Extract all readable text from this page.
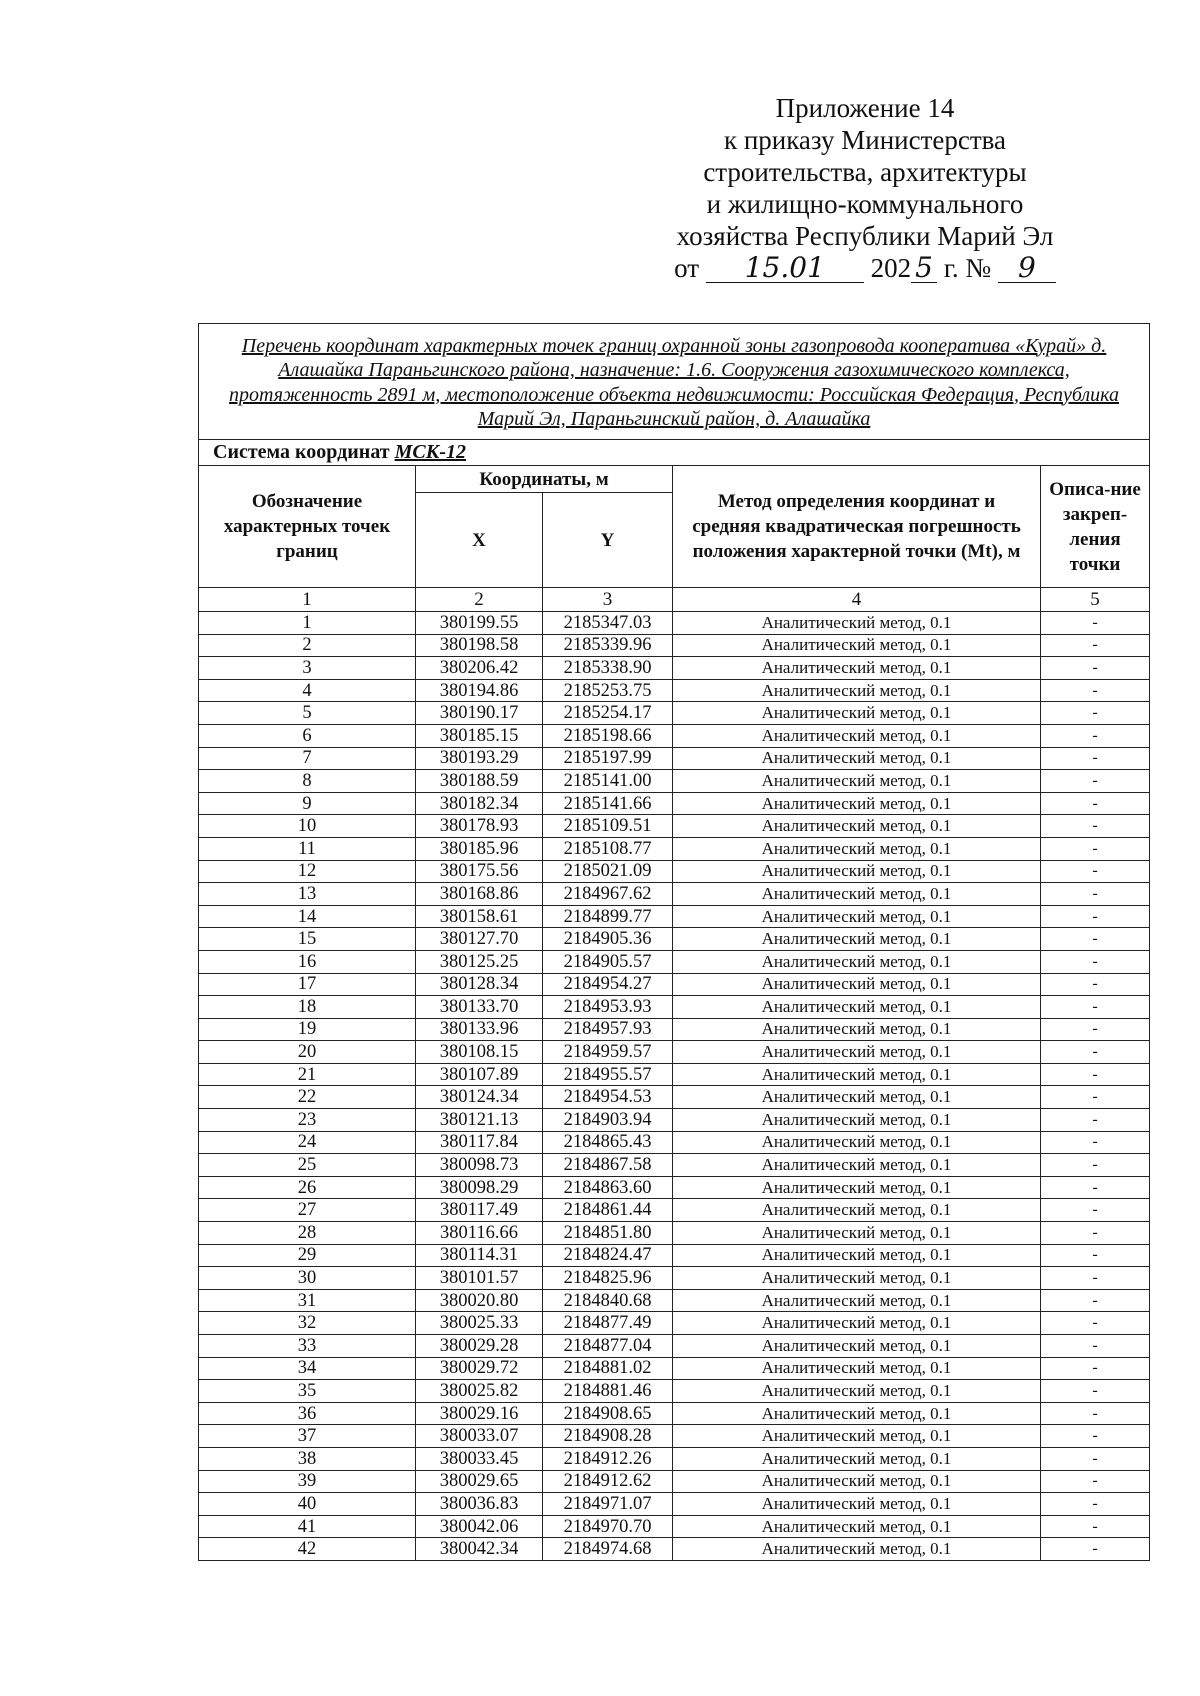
Приложение 14
к приказу Министерства
строительства, архитектуры
и жилищно-коммунального
хозяйства Республики Марий Эл
от 15.01 202 5 г. № 9
Перечень координат характерных точек границ охранной зоны газопровода кооператива «Курай» д. Алашайка Параньгинского района, назначение: 1.6. Сооружения газохимического комплекса, протяженность 2891 м, местоположение объекта недвижимости: Российская Федерация, Республика Марий Эл, Параньгинский район, д. Алашайка				
Система координат МСК-12				
Обозначение характерных точек границ	Координаты, м		Метод определения координат и средняя квадратическая погрешность положения характерной точки (Mt), м	Описа-ние закреп-ления точки
	X	Y		
1	2	3	4	5
1	380199.55	2185347.03	Аналитический метод, 0.1	-
2	380198.58	2185339.96	Аналитический метод, 0.1	-
3	380206.42	2185338.90	Аналитический метод, 0.1	-
4	380194.86	2185253.75	Аналитический метод, 0.1	-
5	380190.17	2185254.17	Аналитический метод, 0.1	-
6	380185.15	2185198.66	Аналитический метод, 0.1	-
7	380193.29	2185197.99	Аналитический метод, 0.1	-
8	380188.59	2185141.00	Аналитический метод, 0.1	-
9	380182.34	2185141.66	Аналитический метод, 0.1	-
10	380178.93	2185109.51	Аналитический метод, 0.1	-
11	380185.96	2185108.77	Аналитический метод, 0.1	-
12	380175.56	2185021.09	Аналитический метод, 0.1	-
13	380168.86	2184967.62	Аналитический метод, 0.1	-
14	380158.61	2184899.77	Аналитический метод, 0.1	-
15	380127.70	2184905.36	Аналитический метод, 0.1	-
16	380125.25	2184905.57	Аналитический метод, 0.1	-
17	380128.34	2184954.27	Аналитический метод, 0.1	-
18	380133.70	2184953.93	Аналитический метод, 0.1	-
19	380133.96	2184957.93	Аналитический метод, 0.1	-
20	380108.15	2184959.57	Аналитический метод, 0.1	-
21	380107.89	2184955.57	Аналитический метод, 0.1	-
22	380124.34	2184954.53	Аналитический метод, 0.1	-
23	380121.13	2184903.94	Аналитический метод, 0.1	-
24	380117.84	2184865.43	Аналитический метод, 0.1	-
25	380098.73	2184867.58	Аналитический метод, 0.1	-
26	380098.29	2184863.60	Аналитический метод, 0.1	-
27	380117.49	2184861.44	Аналитический метод, 0.1	-
28	380116.66	2184851.80	Аналитический метод, 0.1	-
29	380114.31	2184824.47	Аналитический метод, 0.1	-
30	380101.57	2184825.96	Аналитический метод, 0.1	-
31	380020.80	2184840.68	Аналитический метод, 0.1	-
32	380025.33	2184877.49	Аналитический метод, 0.1	-
33	380029.28	2184877.04	Аналитический метод, 0.1	-
34	380029.72	2184881.02	Аналитический метод, 0.1	-
35	380025.82	2184881.46	Аналитический метод, 0.1	-
36	380029.16	2184908.65	Аналитический метод, 0.1	-
37	380033.07	2184908.28	Аналитический метод, 0.1	-
38	380033.45	2184912.26	Аналитический метод, 0.1	-
39	380029.65	2184912.62	Аналитический метод, 0.1	-
40	380036.83	2184971.07	Аналитический метод, 0.1	-
41	380042.06	2184970.70	Аналитический метод, 0.1	-
42	380042.34	2184974.68	Аналитический метод, 0.1	-
